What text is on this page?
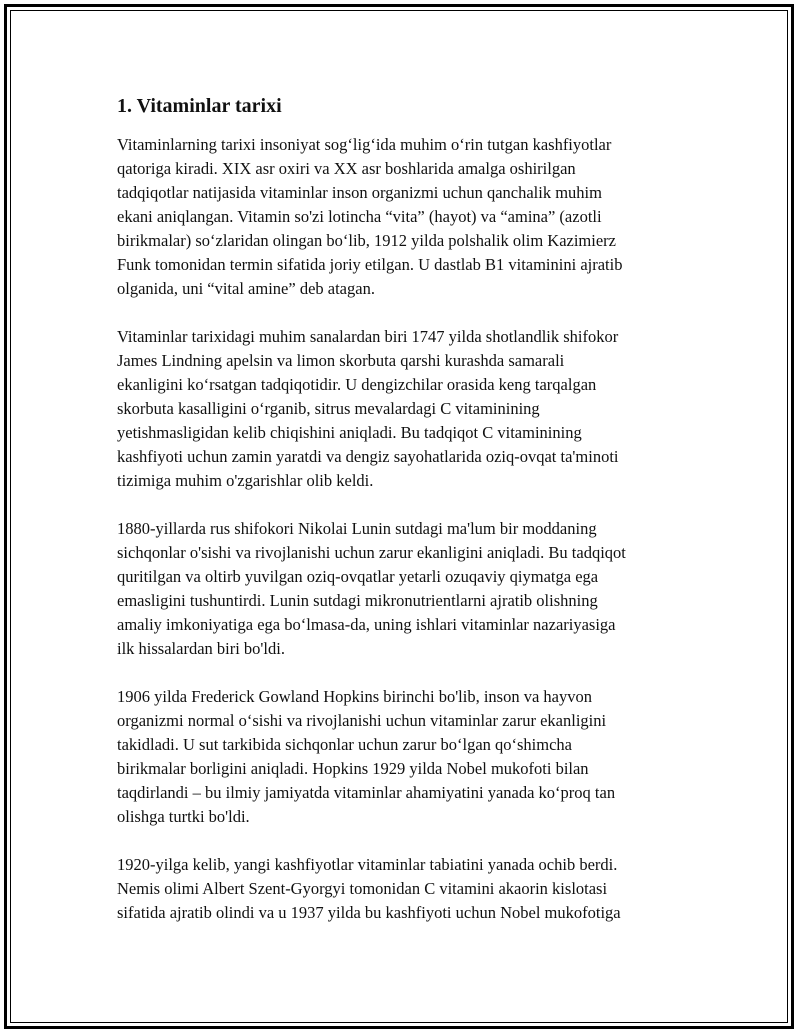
1. Vitaminlar tarixi

Vitaminlarning tarixi insoniyat sog‘lig‘ida muhim o‘rin tutgan kashfiyotlar
qatoriga kiradi. XIX asr oxiri va XX asr boshlarida amalga oshirilgan
tadqiqotlar natijasida vitaminlar inson organizmi uchun qanchalik muhim
ekani aniqlangan. Vitamin so'zi lotincha “vita” (hayot) va “amina” (azotli
birikmalar) so‘zlaridan olingan bo‘lib, 1912 yilda polshalik olim Kazimierz
Funk tomonidan termin sifatida joriy etilgan. U dastlab B1 vitaminini ajratib
olganida, uni “vital amine” deb atagan.

Vitaminlar tarixidagi muhim sanalardan biri 1747 yilda shotlandlik shifokor
James Lindning apelsin va limon skorbuta qarshi kurashda samarali
ekanligini ko‘rsatgan tadqiqotidir. U dengizchilar orasida keng tarqalgan
skorbuta kasalligini o‘rganib, sitrus mevalardagi C vitaminining
yetishmasligidan kelib chiqishini aniqladi. Bu tadqiqot C vitaminining
kashfiyoti uchun zamin yaratdi va dengiz sayohatlarida oziq-ovqat ta'minoti
tizimiga muhim o'zgarishlar olib keldi.

1880-yillarda rus shifokori Nikolai Lunin sutdagi ma'lum bir moddaning
sichqonlar o'sishi va rivojlanishi uchun zarur ekanligini aniqladi. Bu tadqiqot
quritilgan va oltirb yuvilgan oziq-ovqatlar yetarli ozuqaviy qiymatga ega
emasligini tushuntirdi. Lunin sutdagi mikronutrientlarni ajratib olishning
amaliy imkoniyatiga ega bo‘lmasa-da, uning ishlari vitaminlar nazariyasiga
ilk hissalardan biri bo'ldi.

1906 yilda Frederick Gowland Hopkins birinchi bo'lib, inson va hayvon
organizmi normal o‘sishi va rivojlanishi uchun vitaminlar zarur ekanligini
takidladi. U sut tarkibida sichqonlar uchun zarur bo‘lgan qo‘shimcha
birikmalar borligini aniqladi. Hopkins 1929 yilda Nobel mukofoti bilan
taqdirlandi – bu ilmiy jamiyatda vitaminlar ahamiyatini yanada ko‘proq tan
olishga turtki bo'ldi.

1920-yilga kelib, yangi kashfiyotlar vitaminlar tabiatini yanada ochib berdi.
Nemis olimi Albert Szent-Gyorgyi tomonidan C vitamini akaorin kislotasi
sifatida ajratib olindi va u 1937 yilda bu kashfiyoti uchun Nobel mukofotiga
